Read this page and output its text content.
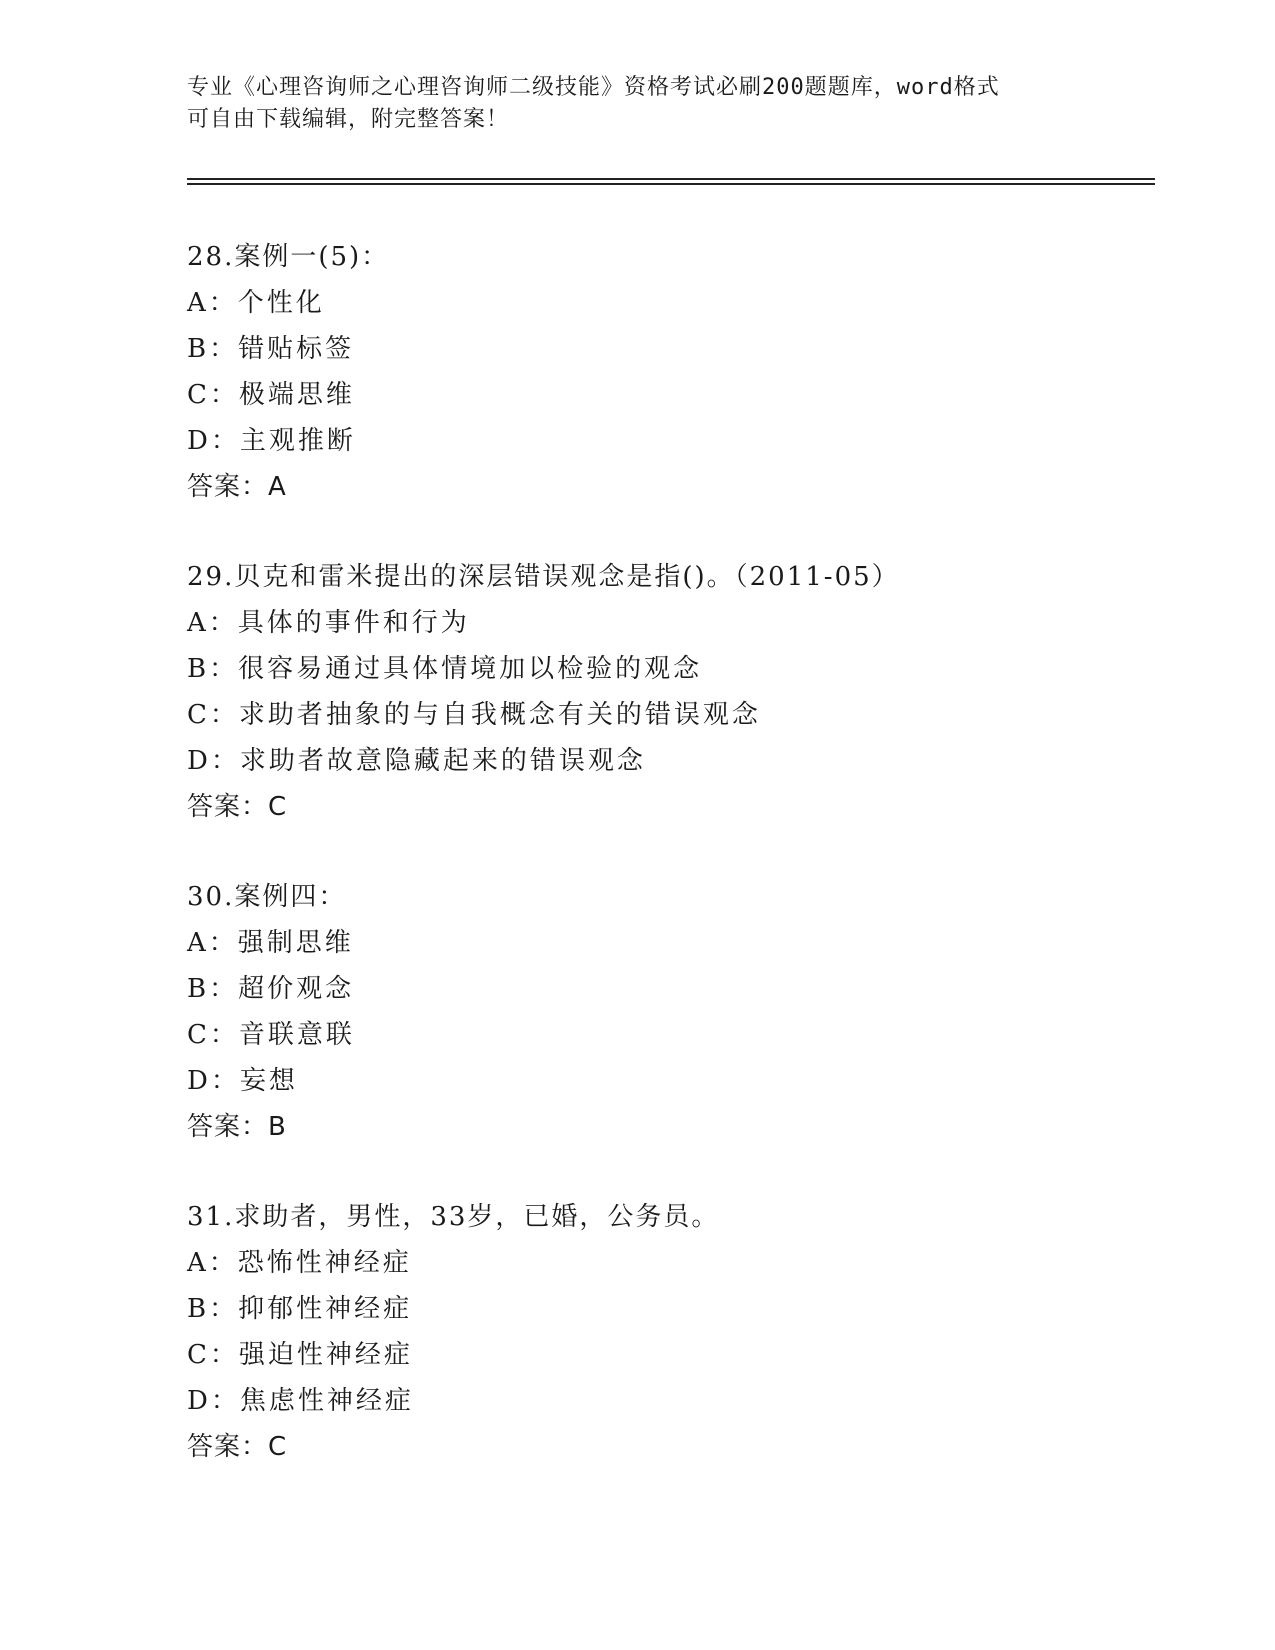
专业《心理咨询师之心理咨询师二级技能》资格考试必刷200题题库，word格式

可自由下载编辑，附完整答案！

28.案例一(5)：
A：个性化
B：错贴标签
C：极端思维
D：主观推断
答案：A
29.贝克和雷米提出的深层错误观念是指()。（2011-05）
A：具体的事件和行为
B：很容易通过具体情境加以检验的观念
C：求助者抽象的与自我概念有关的错误观念
D：求助者故意隐藏起来的错误观念
答案：C
30.案例四：
A：强制思维
B：超价观念
C：音联意联
D：妄想
答案：B
31.求助者，男性，33岁，已婚，公务员。
A：恐怖性神经症
B：抑郁性神经症
C：强迫性神经症
D：焦虑性神经症
答案：C
